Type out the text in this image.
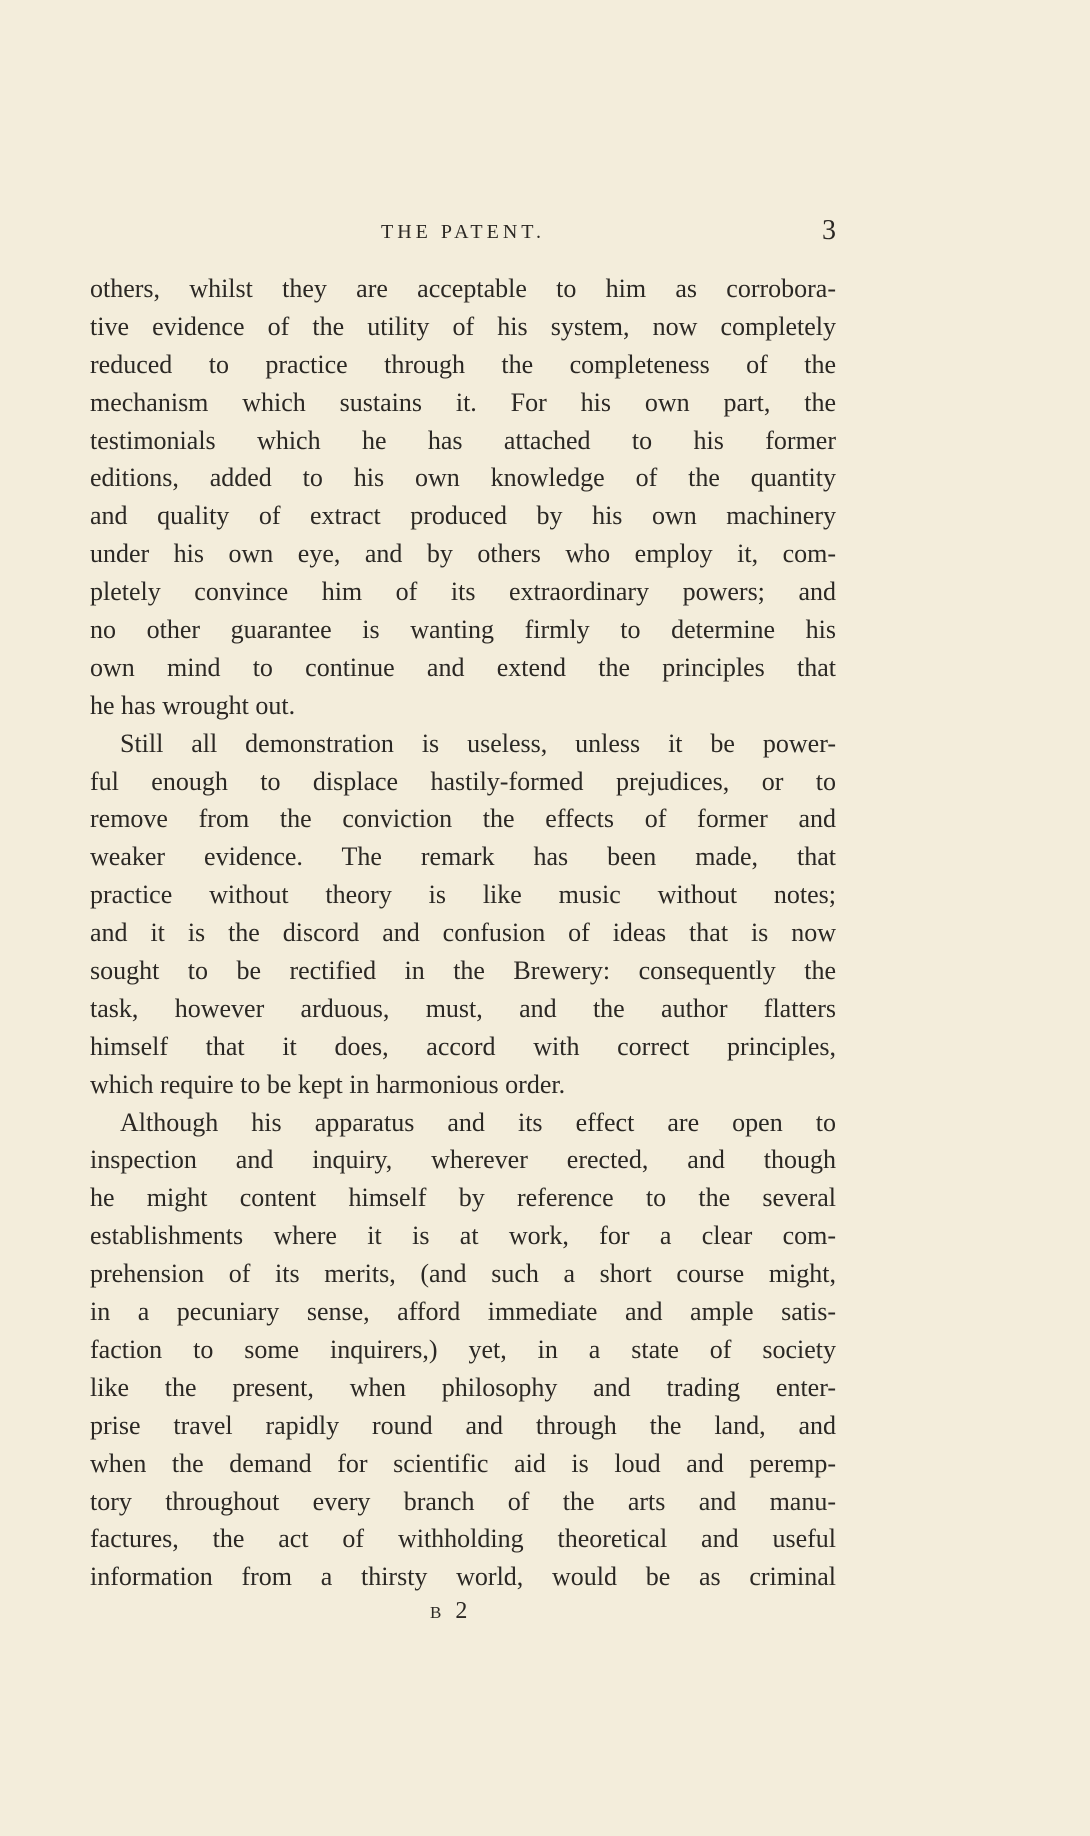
THE PATENT.	3
others, whilst they are acceptable to him as corrobora-
tive evidence of the utility of his system, now completely
reduced to practice through the completeness of the
mechanism which sustains it. For his own part, the
testimonials which he has attached to his former
editions, added to his own knowledge of the quantity
and quality of extract produced by his own machinery
under his own eye, and by others who employ it, com-
pletely convince him of its extraordinary powers; and
no other guarantee is wanting firmly to determine his
own mind to continue and extend the principles that
he has wrought out.
Still all demonstration is useless, unless it be power-
ful enough to displace hastily-formed prejudices, or to
remove from the conviction the effects of former and
weaker evidence. The remark has been made, that
practice without theory is like music without notes;
and it is the discord and confusion of ideas that is now
sought to be rectified in the Brewery: consequently the
task, however arduous, must, and the author flatters
himself that it does, accord with correct principles,
which require to be kept in harmonious order.
Although his apparatus and its effect are open to
inspection and inquiry, wherever erected, and though
he might content himself by reference to the several
establishments where it is at work, for a clear com-
prehension of its merits, (and such a short course might,
in a pecuniary sense, afford immediate and ample satis-
faction to some inquirers,) yet, in a state of society
like the present, when philosophy and trading enter-
prise travel rapidly round and through the land, and
when the demand for scientific aid is loud and peremp-
tory throughout every branch of the arts and manu-
factures, the act of withholding theoretical and useful
information from a thirsty world, would be as criminal
B 2
